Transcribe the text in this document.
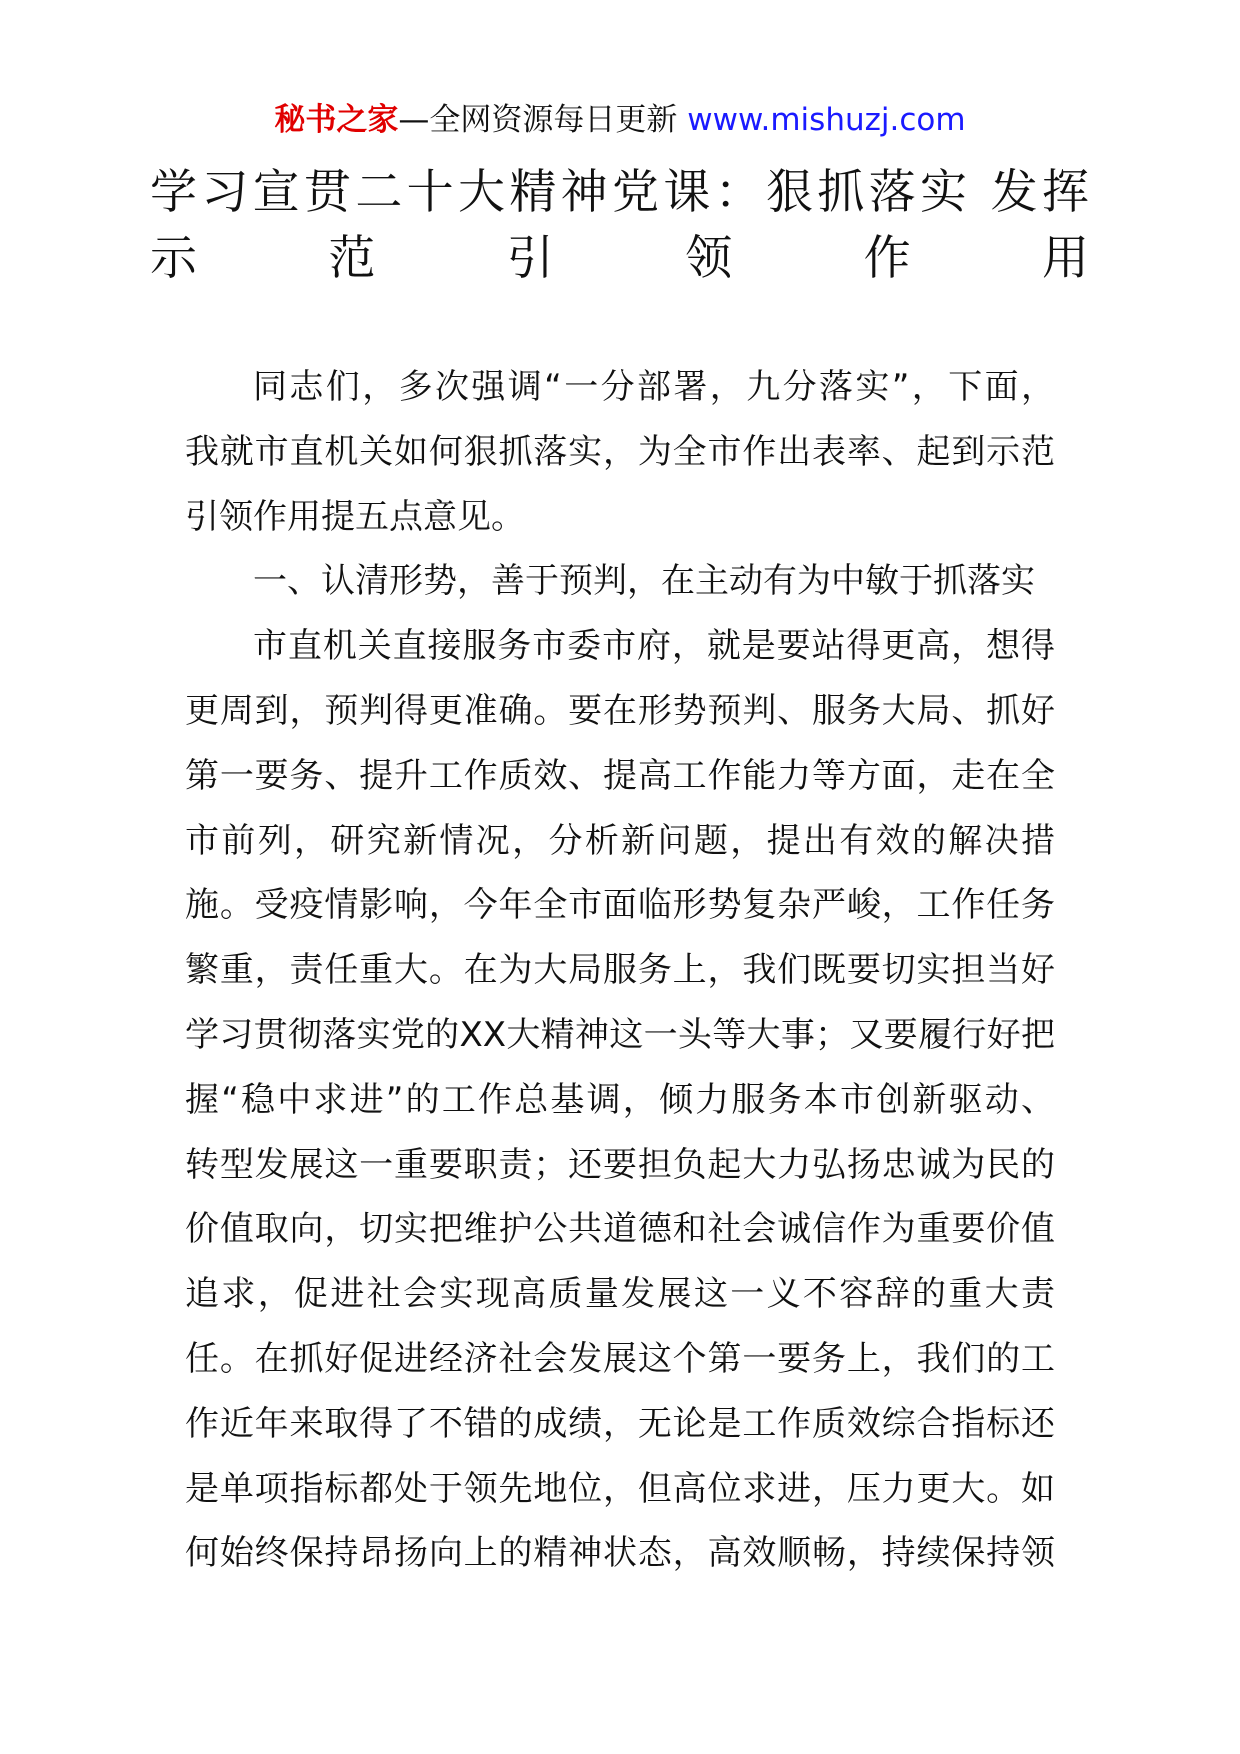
秘书之家—全网资源每日更新 www.mishuzj.com
学习宣贯二十大精神党课：狠抓落实 发挥
示范引领作用
同志们，多次强调“一分部署，九分落实”，下面，
我就市直机关如何狠抓落实，为全市作出表率、起到示范
引领作用提五点意见。
一、认清形势，善于预判，在主动有为中敏于抓落实
市直机关直接服务市委市府，就是要站得更高，想得
更周到，预判得更准确。要在形势预判、服务大局、抓好
第一要务、提升工作质效、提高工作能力等方面，走在全
市前列，研究新情况，分析新问题，提出有效的解决措
施。受疫情影响，今年全市面临形势复杂严峻，工作任务
繁重，责任重大。在为大局服务上，我们既要切实担当好
学习贯彻落实党的XX大精神这一头等大事；又要履行好把
握“稳中求进”的工作总基调，倾力服务本市创新驱动、
转型发展这一重要职责；还要担负起大力弘扬忠诚为民的
价值取向，切实把维护公共道德和社会诚信作为重要价值
追求，促进社会实现高质量发展这一义不容辞的重大责
任。在抓好促进经济社会发展这个第一要务上，我们的工
作近年来取得了不错的成绩，无论是工作质效综合指标还
是单项指标都处于领先地位，但高位求进，压力更大。如
何始终保持昂扬向上的精神状态，高效顺畅，持续保持领
